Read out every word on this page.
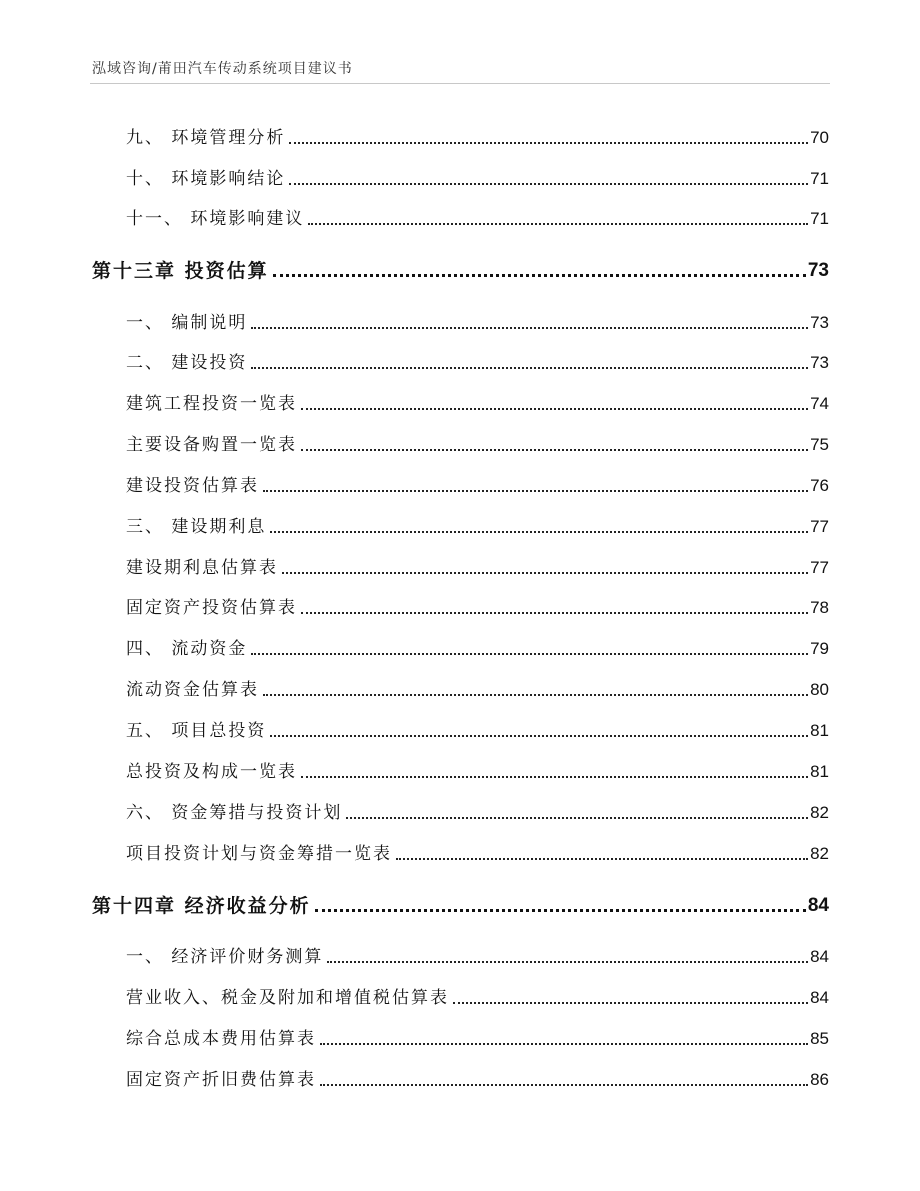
泓域咨询/莆田汽车传动系统项目建议书
九、 环境管理分析	70
十、 环境影响结论	71
十一、 环境影响建议	71
第十三章 投资估算	73
一、 编制说明	73
二、 建设投资	73
建筑工程投资一览表	74
主要设备购置一览表	75
建设投资估算表	76
三、 建设期利息	77
建设期利息估算表	77
固定资产投资估算表	78
四、 流动资金	79
流动资金估算表	80
五、 项目总投资	81
总投资及构成一览表	81
六、 资金筹措与投资计划	82
项目投资计划与资金筹措一览表	82
第十四章 经济收益分析	84
一、 经济评价财务测算	84
营业收入、税金及附加和增值税估算表	84
综合总成本费用估算表	85
固定资产折旧费估算表	86
